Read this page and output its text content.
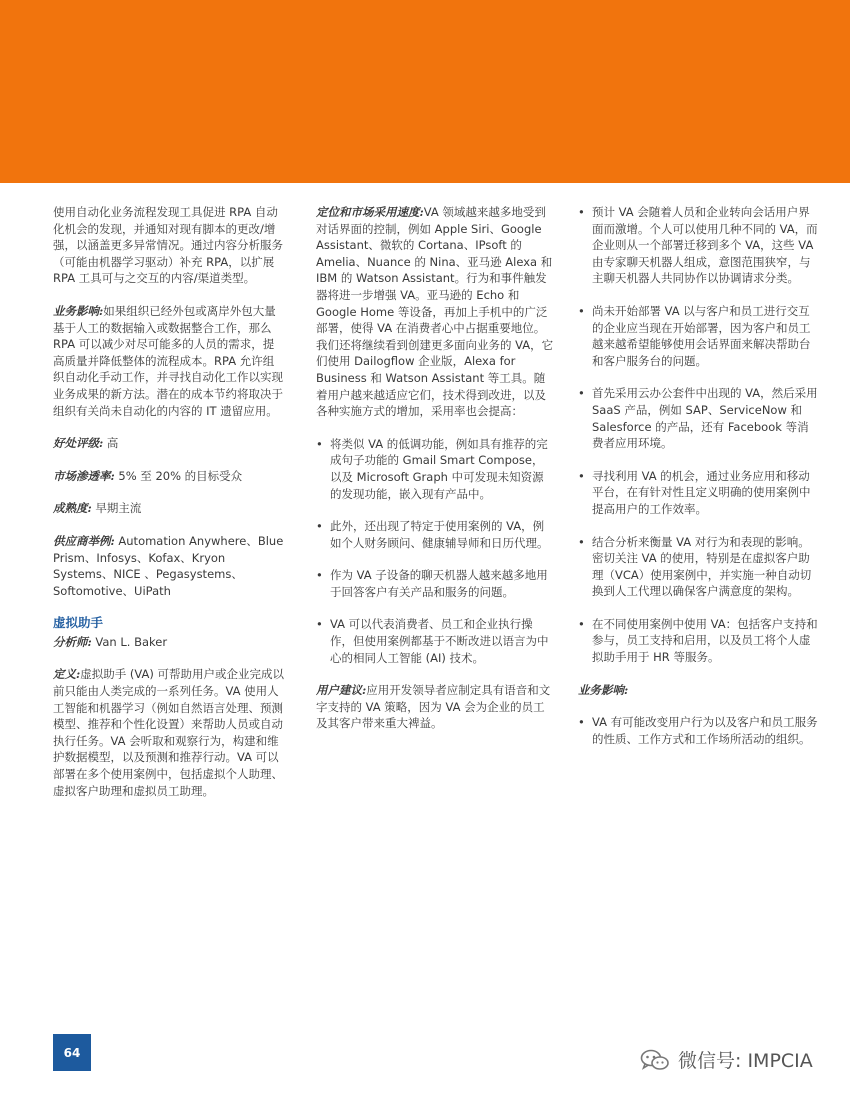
使用自动化业务流程发现工具促进 RPA 自动化机会的发现，并通知对现有脚本的更改/增强，以涵盖更多异常情况。通过内容分析服务（可能由机器学习驱动）补充 RPA，以扩展 RPA 工具可与之交互的内容/渠道类型。

业务影响:如果组织已经外包或离岸外包大量基于人工的数据输入或数据整合工作，那么 RPA 可以减少对尽可能多的人员的需求，提高质量并降低整体的流程成本。RPA 允许组织自动化手动工作，并寻找自动化工作以实现业务成果的新方法。潜在的成本节约将取决于组织有关尚未自动化的内容的 IT 遗留应用。

好处评级: 高

市场渗透率: 5% 至 20% 的目标受众

成熟度: 早期主流

供应商举例: Automation Anywhere、Blue Prism、Infosys、Kofax、Kryon Systems、NICE 、Pegasystems、Softomotive、UiPath

虚拟助手

分析师: Van L. Baker

定义:虚拟助手 (VA) 可帮助用户或企业完成以前只能由人类完成的一系列任务。VA 使用人工智能和机器学习（例如自然语言处理、预测模型、推荐和个性化设置）来帮助人员或自动执行任务。VA 会听取和观察行为，构建和维护数据模型，以及预测和推荐行动。VA 可以部署在多个使用案例中，包括虚拟个人助理、虚拟客户助理和虚拟员工助理。

定位和市场采用速度:VA 领域越来越多地受到对话界面的控制，例如 Apple Siri、Google Assistant、微软的 Cortana、IPsoft 的 Amelia、Nuance 的 Nina、亚马逊 Alexa 和 IBM 的 Watson Assistant。行为和事件触发器将进一步增强 VA。亚马逊的 Echo 和 Google Home 等设备，再加上手机中的广泛部署，使得 VA 在消费者心中占据重要地位。我们还将继续看到创建更多面向业务的 VA，它们使用 Dailogflow 企业版，Alexa for Business 和 Watson Assistant 等工具。随着用户越来越适应它们，技术得到改进，以及各种实施方式的增加，采用率也会提高：

• 将类似 VA 的低调功能，例如具有推荐的完成句子功能的 Gmail Smart Compose，以及 Microsoft Graph 中可发现未知资源的发现功能，嵌入现有产品中。
• 此外，还出现了特定于使用案例的 VA，例如个人财务顾问、健康辅导师和日历代理。
• 作为 VA 子设备的聊天机器人越来越多地用于回答客户有关产品和服务的问题。
• VA 可以代表消费者、员工和企业执行操作，但使用案例都基于不断改进以语言为中心的相同人工智能 (AI) 技术。

用户建议:应用开发领导者应制定具有语音和文字支持的 VA 策略，因为 VA 会为企业的员工及其客户带来重大裨益。

• 预计 VA 会随着人员和企业转向会话用户界面而激增。个人可以使用几种不同的 VA，而企业则从一个部署迁移到多个 VA，这些 VA 由专家聊天机器人组成，意图范围狭窄，与主聊天机器人共同协作以协调请求分类。
• 尚未开始部署 VA 以与客户和员工进行交互的企业应当现在开始部署，因为客户和员工越来越希望能够使用会话界面来解决帮助台和客户服务台的问题。
• 首先采用云办公套件中出现的 VA，然后采用 SaaS 产品，例如 SAP、ServiceNow 和 Salesforce 的产品，还有 Facebook 等消费者应用环境。
• 寻找利用 VA 的机会，通过业务应用和移动平台，在有针对性且定义明确的使用案例中提高用户的工作效率。
• 结合分析来衡量 VA 对行为和表现的影响。密切关注 VA 的使用，特别是在虚拟客户助理（VCA）使用案例中，并实施一种自动切换到人工代理以确保客户满意度的架构。
• 在不同使用案例中使用 VA：包括客户支持和参与，员工支持和启用，以及员工将个人虚拟助手用于 HR 等服务。

业务影响:

• VA 有可能改变用户行为以及客户和员工服务的性质、工作方式和工作场所活动的组织。
64	微信号: IMPCIA
